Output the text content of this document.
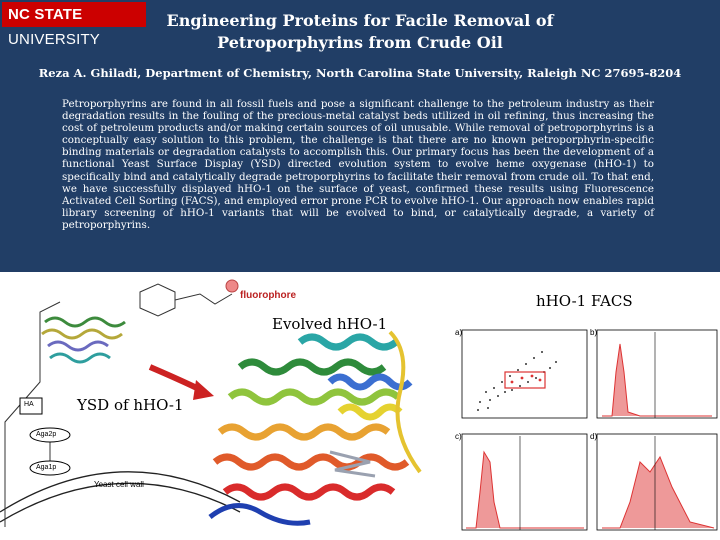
NC STATE UNIVERSITY
Engineering Proteins for Facile Removal of
Petroporphyrins from Crude Oil
Reza A. Ghiladi, Department of Chemistry, North Carolina State University, Raleigh NC 27695-8204
Petroporphyrins are found in all fossil fuels and pose a significant challenge to the petroleum industry as their degradation results in the fouling of the precious-metal catalyst beds utilized in oil refining, thus increasing the cost of petroleum products and/or making certain sources of oil unusable. While removal of petroporphyrins is a conceptually easy solution to this problem, the challenge is that there are no known petroporphyrin-specific binding materials or degradation catalysts to accomplish this. Our primary focus has been the development of a functional Yeast Surface Display (YSD) directed evolution system to evolve heme oxygenase (hHO-1) to specifically bind and catalytically degrade petroporphyrins to facilitate their removal from crude oil. To that end, we have successfully displayed hHO-1 on the surface of yeast, confirmed these results using Fluorescence Activated Cell Sorting (FACS), and employed error prone PCR to evolve hHO-1. Our approach now enables rapid library screening of hHO-1 variants that will be evolved to bind, or catalytically degrade, a variety of petroporphyrins.
fluorophore
Evolved hHO-1
YSD of hHO-1
hHO-1 FACS
HA
Aga2p
Aga1p
Yeast cell wall
a)	b)
c)	d)
